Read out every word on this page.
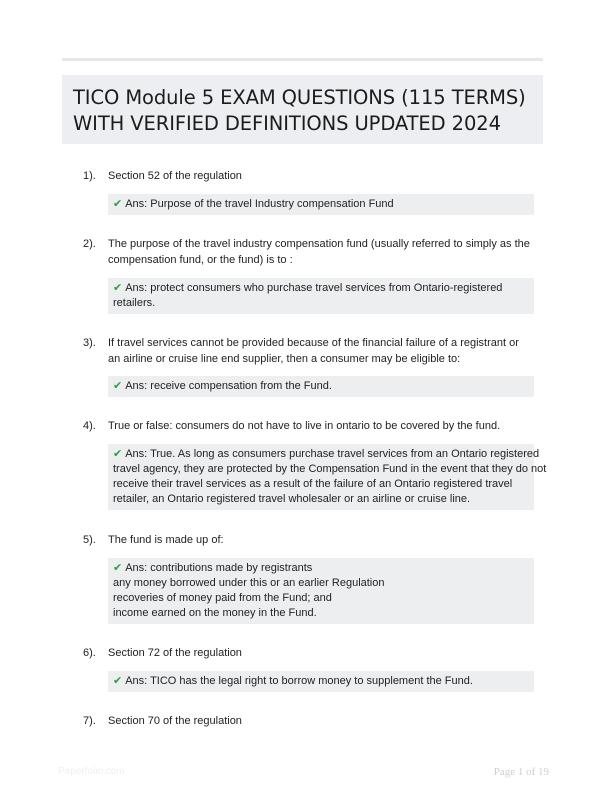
TICO Module 5 EXAM QUESTIONS (115 TERMS)
WITH VERIFIED DEFINITIONS UPDATED 2024
1). Section 52 of the regulation
✔ Ans: Purpose of the travel Industry compensation Fund
2). The purpose of the travel industry compensation fund (usually referred to simply as the compensation fund, or the fund) is to :
✔ Ans: protect consumers who purchase travel services from Ontario-registered
retailers.
3). If travel services cannot be provided because of the financial failure of a registrant or an airline or cruise line end supplier, then a consumer may be eligible to:
✔ Ans: receive compensation from the Fund.
4). True or false: consumers do not have to live in ontario to be covered by the fund.
✔ Ans: True. As long as consumers purchase travel services from an Ontario registered
travel agency, they are protected by the Compensation Fund in the event that they do not
receive their travel services as a result of the failure of an Ontario registered travel
retailer, an Ontario registered travel wholesaler or an airline or cruise line.
5). The fund is made up of:
✔ Ans: contributions made by registrants
any money borrowed under this or an earlier Regulation
recoveries of money paid from the Fund; and
income earned on the money in the Fund.
6). Section 72 of the regulation
✔ Ans: TICO has the legal right to borrow money to supplement the Fund.
7). Section 70 of the regulation
Paperfolio.com	Page 1 of 19
